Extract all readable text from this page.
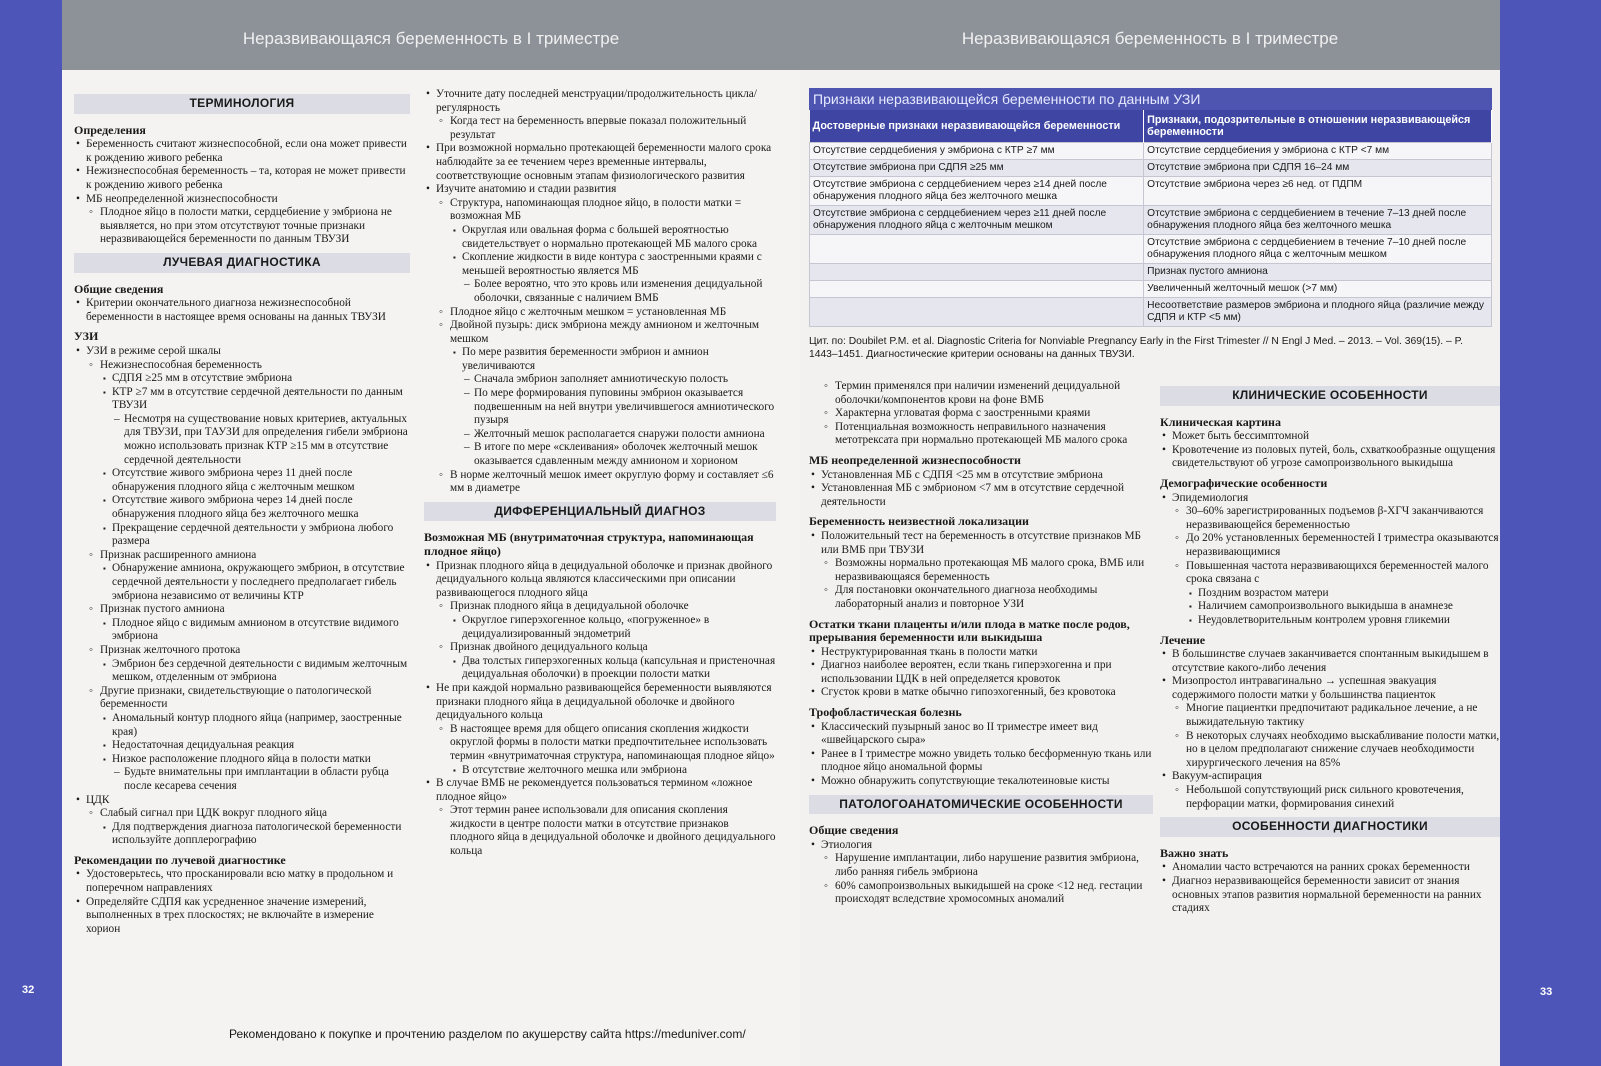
Неразвивающаяся беременность в I триместре
32
ТЕРМИНОЛОГИЯ
Определения
• Беременность считают жизнеспособной, если она может привести к рождению живого ребенка
• Нежизнеспособная беременность – та, которая не может привести к рождению живого ребенка
• МБ неопределенной жизнеспособности
◦ Плодное яйцо в полости матки, сердцебиение у эмбриона не выявляется, но при этом отсутствуют точные признаки неразвивающейся беременности по данным ТВУЗИ
ЛУЧЕВАЯ ДИАГНОСТИКА
Общие сведения
• Критерии окончательного диагноза нежизнеспособной беременности в настоящее время основаны на данных ТВУЗИ
УЗИ
• УЗИ в режиме серой шкалы
◦ Нежизнеспособная беременность
▪ СДПЯ ≥25 мм в отсутствие эмбриона
▪ КТР ≥7 мм в отсутствие сердечной деятельности по данным ТВУЗИ
– Несмотря на существование новых критериев, актуальных для ТВУЗИ, при ТАУЗИ для определения гибели эмбриона можно использовать признак КТР ≥15 мм в отсутствие сердечной деятельности
▪ Отсутствие живого эмбриона через 11 дней после обнаружения плодного яйца с желточным мешком
▪ Отсутствие живого эмбриона через 14 дней после обнаружения плодного яйца без желточного мешка
▪ Прекращение сердечной деятельности у эмбриона любого размера
◦ Признак расширенного амниона
▪ Обнаружение амниона, окружающего эмбрион, в отсутствие сердечной деятельности у последнего предполагает гибель эмбриона независимо от величины КТР
◦ Признак пустого амниона
▪ Плодное яйцо с видимым амнионом в отсутствие видимого эмбриона
◦ Признак желточного протока
▪ Эмбрион без сердечной деятельности с видимым желточным мешком, отделенным от эмбриона
◦ Другие признаки, свидетельствующие о патологической беременности
▪ Аномальный контур плодного яйца (например, заостренные края)
▪ Недостаточная децидуальная реакция
▪ Низкое расположение плодного яйца в полости матки
– Будьте внимательны при имплантации в области рубца после кесарева сечения
• ЦДК
◦ Слабый сигнал при ЦДК вокруг плодного яйца
▪ Для подтверждения диагноза патологической беременности используйте допплерографию
Рекомендации по лучевой диагностике
• Удостоверьтесь, что просканировали всю матку в продольном и поперечном направлениях
• Определяйте СДПЯ как усредненное значение измерений, выполненных в трех плоскостях; не включайте в измерение хорион
• Уточните дату последней менструации/продолжительность цикла/регулярность
◦ Когда тест на беременность впервые показал положительный результат
• При возможной нормально протекающей беременности малого срока наблюдайте за ее течением через временные интервалы, соответствующие основным этапам физиологического развития
• Изучите анатомию и стадии развития
◦ Структура, напоминающая плодное яйцо, в полости матки = возможная МБ
▪ Округлая или овальная форма с большей вероятностью свидетельствует о нормально протекающей МБ малого срока
▪ Скопление жидкости в виде контура с заостренными краями с меньшей вероятностью является МБ
– Более вероятно, что это кровь или изменения децидуальной оболочки, связанные с наличием ВМБ
◦ Плодное яйцо с желточным мешком = установленная МБ
◦ Двойной пузырь: диск эмбриона между амнионом и желточным мешком
▪ По мере развития беременности эмбрион и амнион увеличиваются
– Сначала эмбрион заполняет амниотическую полость
– По мере формирования пуповины эмбрион оказывается подвешенным на ней внутри увеличившегося амниотического пузыря
– Желточный мешок располагается снаружи полости амниона
– В итоге по мере «склеивания» оболочек желточный мешок оказывается сдавленным между амнионом и хорионом
◦ В норме желточный мешок имеет округлую форму и составляет ≤6 мм в диаметре
ДИФФЕРЕНЦИАЛЬНЫЙ ДИАГНОЗ
Возможная МБ (внутриматочная структура, напоминающая плодное яйцо)
• Признак плодного яйца в децидуальной оболочке и признак двойного децидуального кольца являются классическими при описании развивающегося плодного яйца
◦ Признак плодного яйца в децидуальной оболочке
▪ Округлое гиперэхогенное кольцо, «погруженное» в децидуализированный эндометрий
◦ Признак двойного децидуального кольца
▪ Два толстых гиперэхогенных кольца (капсульная и пристеночная децидуальная оболочки) в проекции полости матки
• Не при каждой нормально развивающейся беременности выявляются признаки плодного яйца в децидуальной оболочке и двойного децидуального кольца
◦ В настоящее время для общего описания скопления жидкости округлой формы в полости матки предпочтительнее использовать термин «внутриматочная структура, напоминающая плодное яйцо»
▪ В отсутствие желточного мешка или эмбриона
• В случае ВМБ не рекомендуется пользоваться термином «ложное плодное яйцо»
◦ Этот термин ранее использовали для описания скопления жидкости в центре полости матки в отсутствие признаков плодного яйца в децидуальной оболочке и двойного децидуального кольца
Рекомендовано к покупке и прочтению разделом по акушерству сайта https://meduniver.com/
Неразвивающаяся беременность в I триместре
33
Признаки неразвивающейся беременности по данным УЗИ
Достоверные признаки неразвивающейся беременности	Признаки, подозрительные в отношении неразвивающейся беременности
Отсутствие сердцебиения у эмбриона с КТР ≥7 мм	Отсутствие сердцебиения у эмбриона с КТР <7 мм
Отсутствие эмбриона при СДПЯ ≥25 мм	Отсутствие эмбриона при СДПЯ 16–24 мм
Отсутствие эмбриона с сердцебиением через ≥14 дней после обнаружения плодного яйца без желточного мешка	Отсутствие эмбриона через ≥6 нед. от ПДПМ
Отсутствие эмбриона с сердцебиением через ≥11 дней после обнаружения плодного яйца с желточным мешком	Отсутствие эмбриона с сердцебиением в течение 7–13 дней после обнаружения плодного яйца без желточного мешка
	Отсутствие эмбриона с сердцебиением в течение 7–10 дней после обнаружения плодного яйца с желточным мешком
	Признак пустого амниона
	Увеличенный желточный мешок (>7 мм)
	Несоответствие размеров эмбриона и плодного яйца (различие между СДПЯ и КТР <5 мм)
Цит. по: Doubilet P.M. et al. Diagnostic Criteria for Nonviable Pregnancy Early in the First Trimester // N Engl J Med. – 2013. – Vol. 369(15). – P. 1443–1451. Диагностические критерии основаны на данных ТВУЗИ.
◦ Термин применялся при наличии изменений децидуальной оболочки/компонентов крови на фоне ВМБ
◦ Характерна угловатая форма с заостренными краями
◦ Потенциальная возможность неправильного назначения метотрексата при нормально протекающей МБ малого срока
МБ неопределенной жизнеспособности
• Установленная МБ с СДПЯ <25 мм в отсутствие эмбриона
• Установленная МБ с эмбрионом <7 мм в отсутствие сердечной деятельности
Беременность неизвестной локализации
• Положительный тест на беременность в отсутствие признаков МБ или ВМБ при ТВУЗИ
◦ Возможны нормально протекающая МБ малого срока, ВМБ или неразвивающаяся беременность
◦ Для постановки окончательного диагноза необходимы лабораторный анализ и повторное УЗИ
Остатки ткани плаценты и/или плода в матке после родов, прерывания беременности или выкидыша
• Неструктурированная ткань в полости матки
• Диагноз наиболее вероятен, если ткань гиперэхогенна и при использовании ЦДК в ней определяется кровоток
• Сгусток крови в матке обычно гипоэхогенный, без кровотока
Трофобластическая болезнь
• Классический пузырный занос во II триместре имеет вид «швейцарского сыра»
• Ранее в I триместре можно увидеть только бесформенную ткань или плодное яйцо аномальной формы
• Можно обнаружить сопутствующие текалютеиновые кисты
ПАТОЛОГОАНАТОМИЧЕСКИЕ ОСОБЕННОСТИ
Общие сведения
• Этиология
◦ Нарушение имплантации, либо нарушение развития эмбриона, либо ранняя гибель эмбриона
◦ 60% самопроизвольных выкидышей на сроке <12 нед. гестации происходят вследствие хромосомных аномалий
КЛИНИЧЕСКИЕ ОСОБЕННОСТИ
Клиническая картина
• Может быть бессимптомной
• Кровотечение из половых путей, боль, схваткообразные ощущения свидетельствуют об угрозе самопроизвольного выкидыша
Демографические особенности
• Эпидемиология
◦ 30–60% зарегистрированных подъемов β-ХГЧ заканчиваются неразвивающейся беременностью
◦ До 20% установленных беременностей I триместра оказываются неразвивающимися
◦ Повышенная частота неразвивающихся беременностей малого срока связана с
▪ Поздним возрастом матери
▪ Наличием самопроизвольного выкидыша в анамнезе
▪ Неудовлетворительным контролем уровня гликемии
Лечение
• В большинстве случаев заканчивается спонтанным выкидышем в отсутствие какого-либо лечения
• Мизопростол интравагинально → успешная эвакуация содержимого полости матки у большинства пациенток
◦ Многие пациентки предпочитают радикальное лечение, а не выжидательную тактику
◦ В некоторых случаях необходимо выскабливание полости матки, но в целом предполагают снижение случаев необходимости хирургического лечения на 85%
• Вакуум-аспирация
◦ Небольшой сопутствующий риск сильного кровотечения, перфорации матки, формирования синехий
ОСОБЕННОСТИ ДИАГНОСТИКИ
Важно знать
• Аномалии часто встречаются на ранних сроках беременности
• Диагноз неразвивающейся беременности зависит от знания основных этапов развития нормальной беременности на ранних стадиях
